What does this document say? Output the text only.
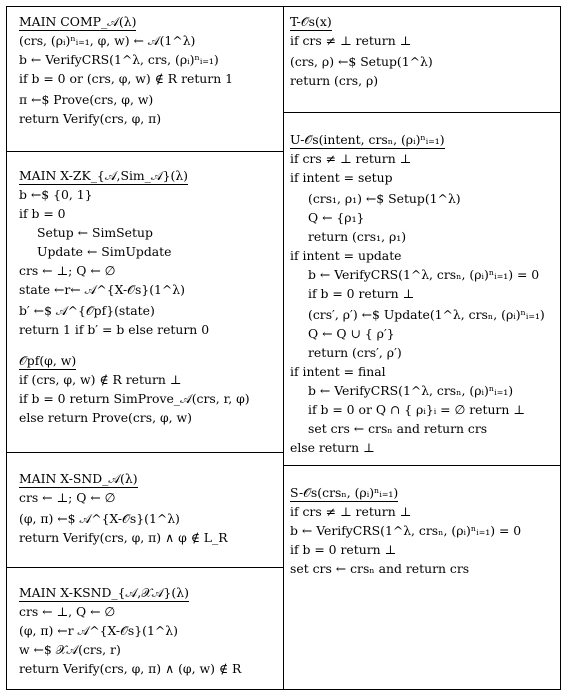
MAIN COMP_𝒜(λ)
(crs, (ρᵢ)ⁿᵢ₌₁, φ, w) ← 𝒜(1^λ)
b ← VerifyCRS(1^λ, crs, (ρᵢ)ⁿᵢ₌₁)
if b = 0 or (crs, φ, w) ∉ R return 1
π ←$ Prove(crs, φ, w)
return Verify(crs, φ, π)
MAIN X-ZK_{𝒜,Sim_𝒜}(λ)
b ←$ {0, 1}
if b = 0
Setup ← SimSetup
Update ← SimUpdate
crs ← ⊥; Q ← ∅
state ←r← 𝒜^{X-𝒪s}(1^λ)
b′ ←$ 𝒜^{𝒪pf}(state)
return 1 if b′ = b else return 0
𝒪pf(φ, w)
if (crs, φ, w) ∉ R return ⊥
if b = 0 return SimProve_𝒜(crs, r, φ)
else return Prove(crs, φ, w)
MAIN X-SND_𝒜(λ)
crs ← ⊥; Q ← ∅
(φ, π) ←$ 𝒜^{X-𝒪s}(1^λ)
return Verify(crs, φ, π) ∧ φ ∉ L_R
MAIN X-KSND_{𝒜,𝒳𝒜}(λ)
crs ← ⊥, Q ← ∅
(φ, π) ←r 𝒜^{X-𝒪s}(1^λ)
w ←$ 𝒳𝒜(crs, r)
return Verify(crs, φ, π) ∧ (φ, w) ∉ R
T-𝒪s(x)
if crs ≠ ⊥ return ⊥
(crs, ρ) ←$ Setup(1^λ)
return (crs, ρ)
U-𝒪s(intent, crsₙ, (ρᵢ)ⁿᵢ₌₁)
if crs ≠ ⊥ return ⊥
if intent = setup
(crs₁, ρ₁) ←$ Setup(1^λ)
Q ← {ρ₁}
return (crs₁, ρ₁)
if intent = update
b ← VerifyCRS(1^λ, crsₙ, (ρᵢ)ⁿᵢ₌₁) = 0
if b = 0 return ⊥
(crs′, ρ′) ←$ Update(1^λ, crsₙ, (ρᵢ)ⁿᵢ₌₁)
Q ← Q ∪ { ρ′}
return (crs′, ρ′)
if intent = final
b ← VerifyCRS(1^λ, crsₙ, (ρᵢ)ⁿᵢ₌₁)
if b = 0 or Q ∩ { ρᵢ}ᵢ = ∅ return ⊥
set crs ← crsₙ and return crs
else return ⊥
S-𝒪s(crsₙ, (ρᵢ)ⁿᵢ₌₁)
if crs ≠ ⊥ return ⊥
b ← VerifyCRS(1^λ, crsₙ, (ρᵢ)ⁿᵢ₌₁) = 0
if b = 0 return ⊥
set crs ← crsₙ and return crs
